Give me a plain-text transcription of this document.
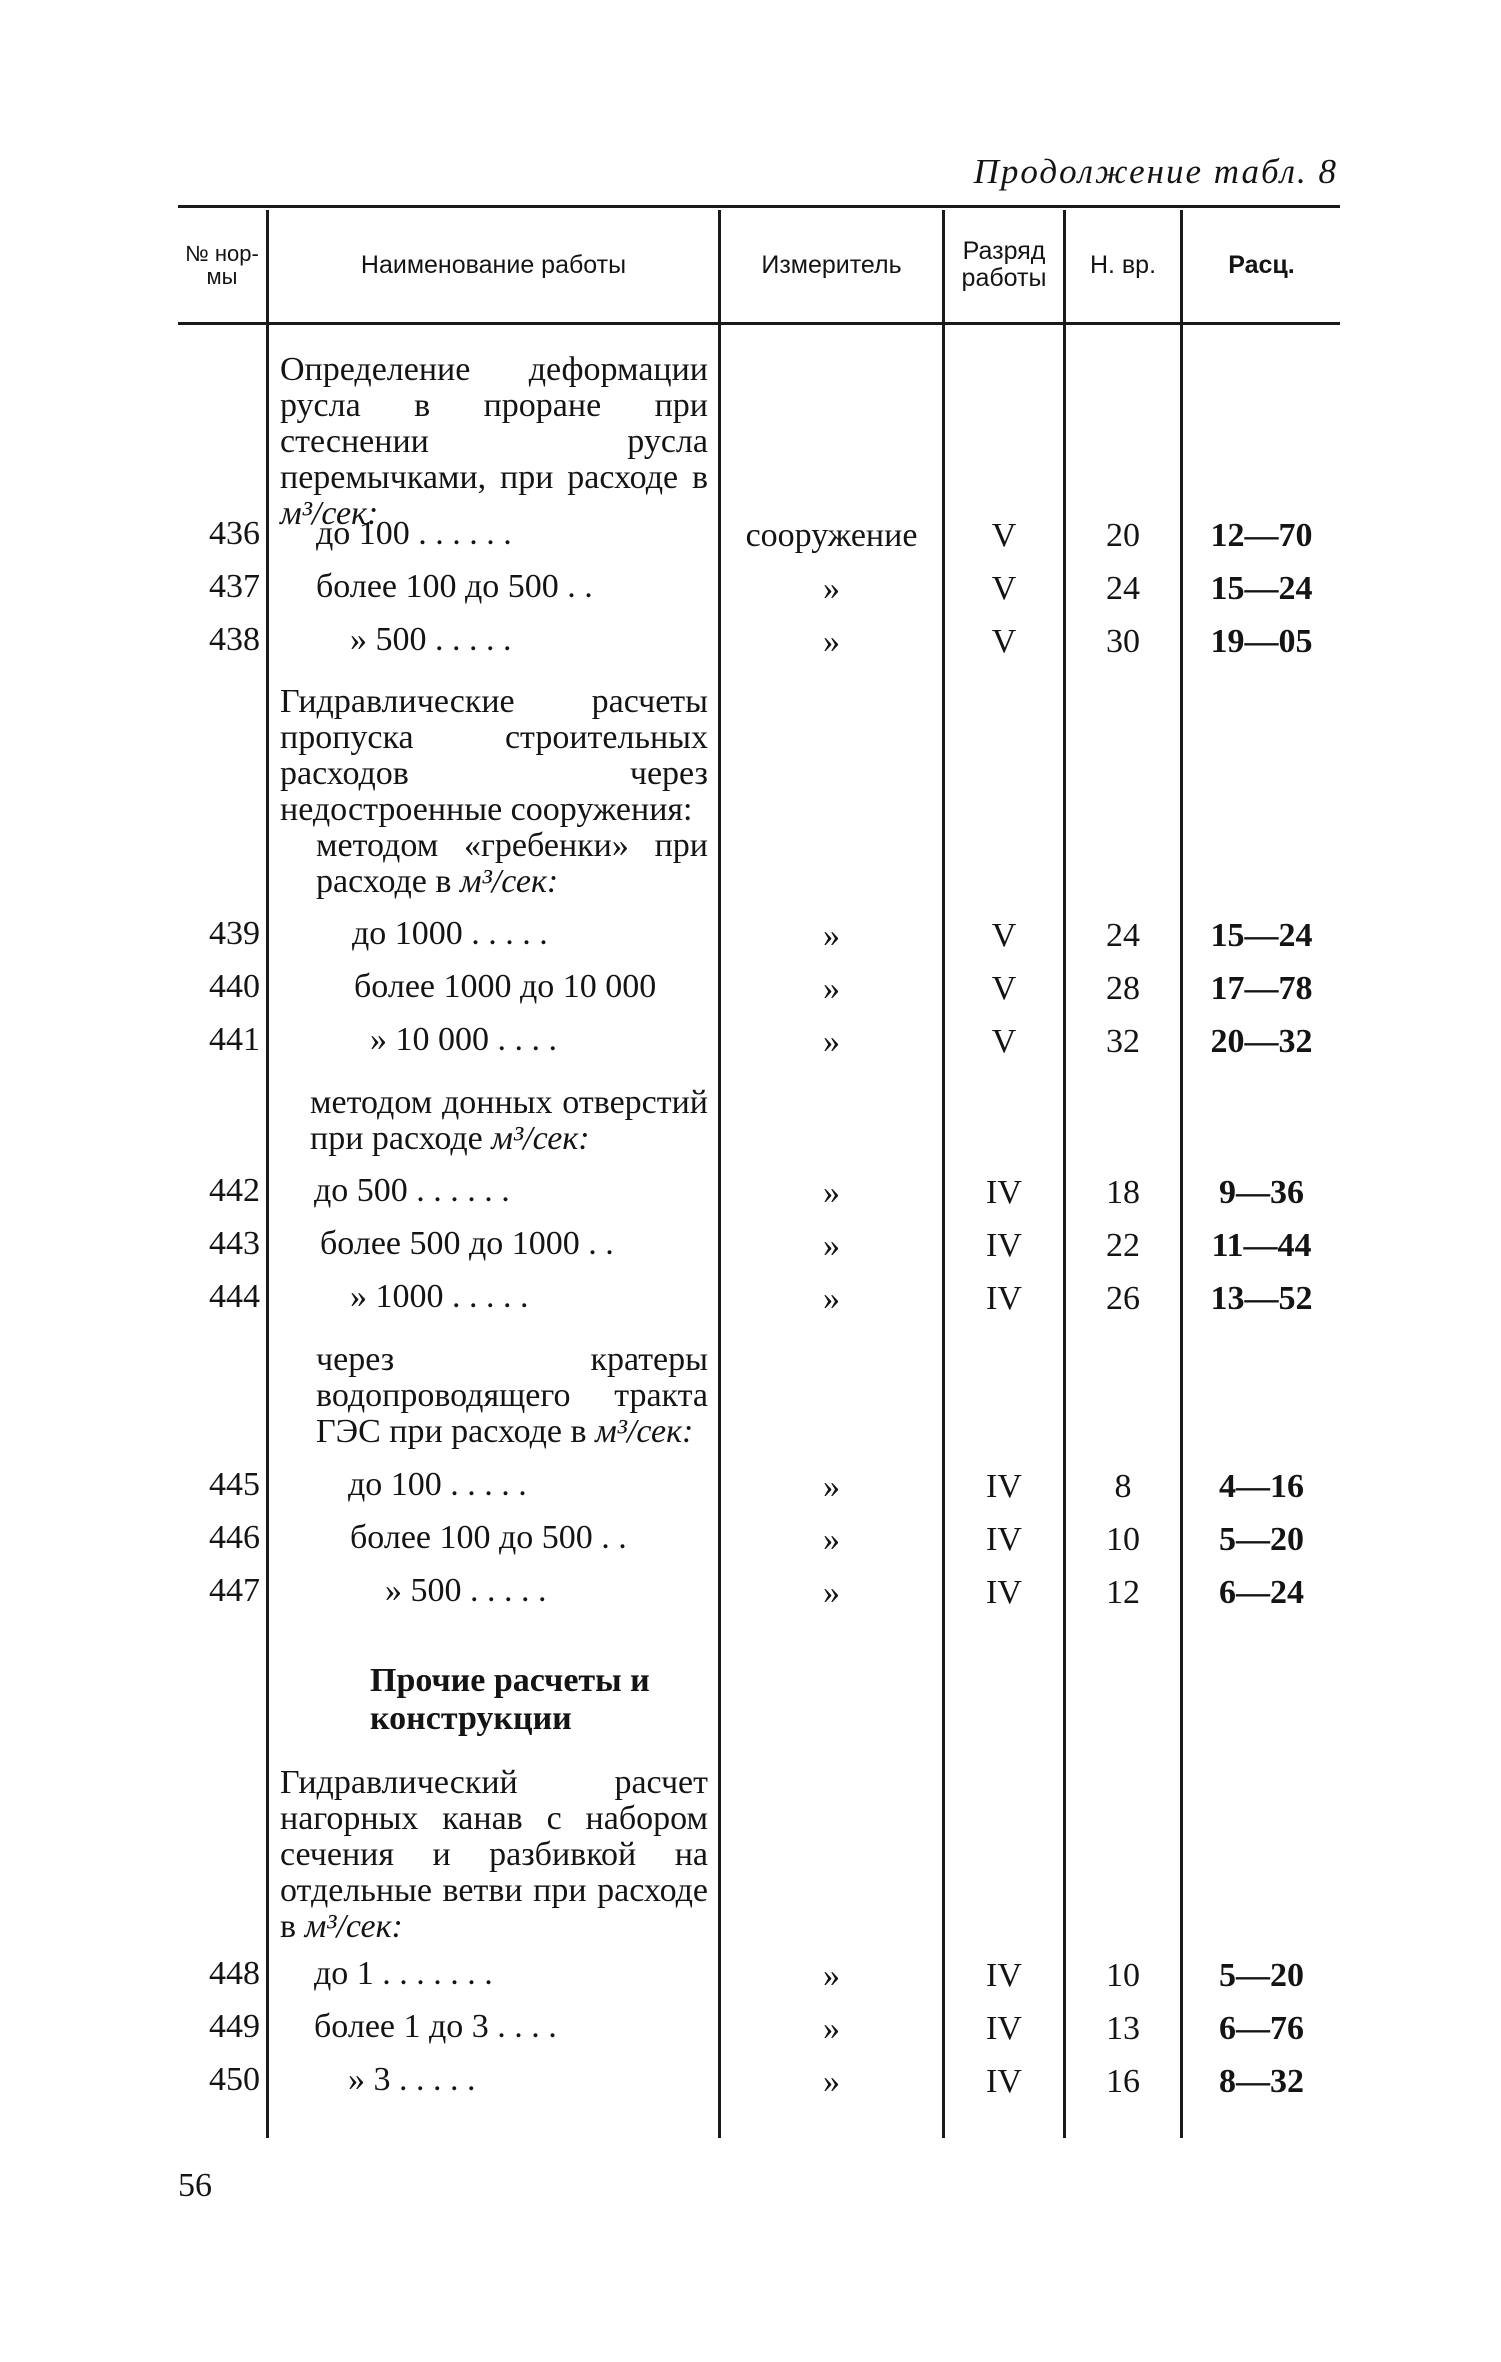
Продолжение табл. 8
№ нор-мы	Наименование работы	Измеритель	Разряд работы	Н. вр.	Расц.
Определение деформации русла в проране при стеснении русла перемычками, при расходе в м³/сек:
436 до 100 . . . . . .	сооружение	V	20	12—70
437 более 100 до 500 . .	»	V	24	15—24
438	» 500 . . . . .	»	V	30	19—05
Гидравлические расчеты пропуска строительных расходов через недостроенные сооружения:
методом «гребенки» при расходе в м³/сек:
439	до 1000 . . . . .	»	V	24	15—24
440	более 1000 до 10 000	»	V	28	17—78
441	» 10 000 . . . .	»	V	32	20—32
методом донных отверстий при расходе м³/сек:
442 до 500 . . . . . .	»	IV	18	9—36
443 более 500 до 1000 . .	»	IV	22	11—44
444	» 1000 . . . . .	»	IV	26	13—52
через кратеры водопроводящего тракта ГЭС при расходе в м³/сек:
445	до 100 . . . . .	»	IV	8	4—16
446	более 100 до 500 . .	»	IV	10	5—20
447	» 500 . . . . .	»	IV	12	6—24
Прочие расчеты и конструкции
Гидравлический расчет нагорных канав с набором сечения и разбивкой на отдельные ветви при расходе в м³/сек:
448 до 1 . . . . . . .	»	IV	10	5—20
449 более 1 до 3 . . . .	»	IV	13	6—76
450	» 3 . . . . .	»	IV	16	8—32
56
